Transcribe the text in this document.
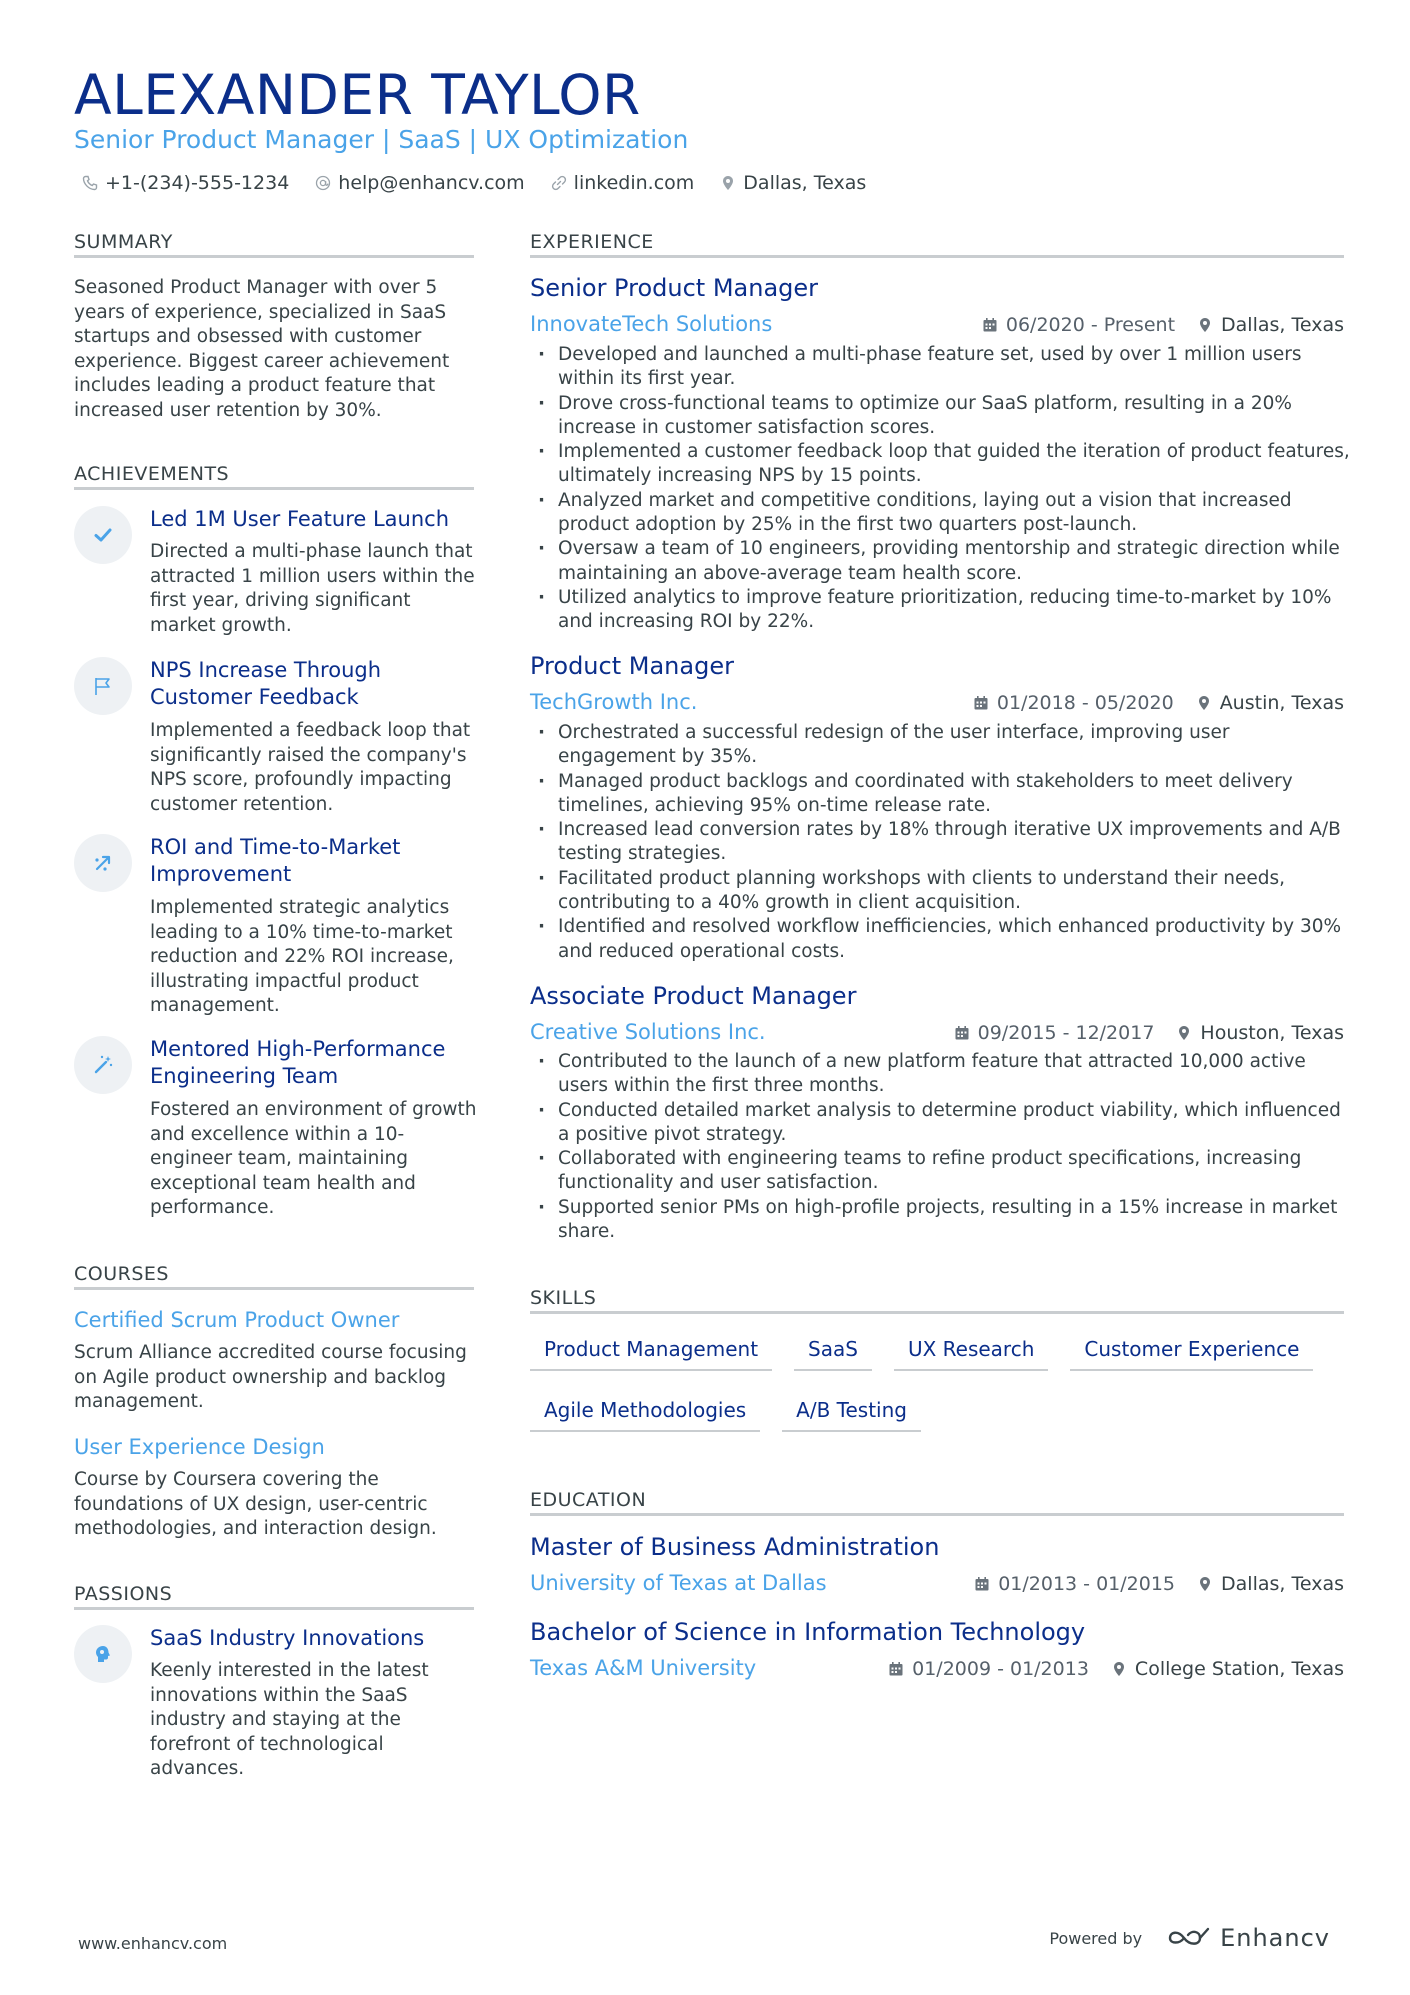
ALEXANDER TAYLOR
Senior Product Manager | SaaS | UX Optimization
+1-(234)-555-1234	help@enhancv.com	linkedin.com	Dallas, Texas
SUMMARY

Seasoned Product Manager with over 5 years of experience, specialized in SaaS startups and obsessed with customer experience. Biggest career achievement includes leading a product feature that increased user retention by 30%.

ACHIEVEMENTS
Led 1M User Feature Launch
Directed a multi-phase launch that attracted 1 million users within the first year, driving significant market growth.
NPS Increase Through Customer Feedback
Implemented a feedback loop that significantly raised the company's NPS score, profoundly impacting customer retention.
ROI and Time-to-Market Improvement
Implemented strategic analytics leading to a 10% time-to-market reduction and 22% ROI increase, illustrating impactful product management.
Mentored High-Performance Engineering Team
Fostered an environment of growth and excellence within a 10-engineer team, maintaining exceptional team health and performance.
COURSES
Certified Scrum Product Owner

Scrum Alliance accredited course focusing on Agile product ownership and backlog management.

User Experience Design

Course by Coursera covering the foundations of UX design, user-centric methodologies, and interaction design.

PASSIONS
SaaS Industry Innovations
Keenly interested in the latest innovations within the SaaS industry and staying at the forefront of technological advances.
EXPERIENCE
Senior Product Manager
InnovateTech Solutions	06/2020 - Present Dallas, Texas
· Developed and launched a multi-phase feature set, used by over 1 million users within its first year.
· Drove cross-functional teams to optimize our SaaS platform, resulting in a 20% increase in customer satisfaction scores.
· Implemented a customer feedback loop that guided the iteration of product features, ultimately increasing NPS by 15 points.
· Analyzed market and competitive conditions, laying out a vision that increased product adoption by 25% in the first two quarters post-launch.
· Oversaw a team of 10 engineers, providing mentorship and strategic direction while maintaining an above-average team health score.
· Utilized analytics to improve feature prioritization, reducing time-to-market by 10% and increasing ROI by 22%.
Product Manager
TechGrowth Inc.	01/2018 - 05/2020 Austin, Texas
· Orchestrated a successful redesign of the user interface, improving user engagement by 35%.
· Managed product backlogs and coordinated with stakeholders to meet delivery timelines, achieving 95% on-time release rate.
· Increased lead conversion rates by 18% through iterative UX improvements and A/B testing strategies.
· Facilitated product planning workshops with clients to understand their needs, contributing to a 40% growth in client acquisition.
· Identified and resolved workflow inefficiencies, which enhanced productivity by 30% and reduced operational costs.
Associate Product Manager
Creative Solutions Inc.	09/2015 - 12/2017 Houston, Texas
· Contributed to the launch of a new platform feature that attracted 10,000 active users within the first three months.
· Conducted detailed market analysis to determine product viability, which influenced a positive pivot strategy.
· Collaborated with engineering teams to refine product specifications, increasing functionality and user satisfaction.
· Supported senior PMs on high-profile projects, resulting in a 15% increase in market share.
SKILLS
Product Management	SaaS	UX Research	Customer Experience
Agile Methodologies	A/B Testing
EDUCATION
Master of Business Administration
University of Texas at Dallas	01/2013 - 01/2015 Dallas, Texas
Bachelor of Science in Information Technology
Texas A&M University	01/2009 - 01/2013 College Station, Texas
www.enhancv.com	Powered by	Enhancv
